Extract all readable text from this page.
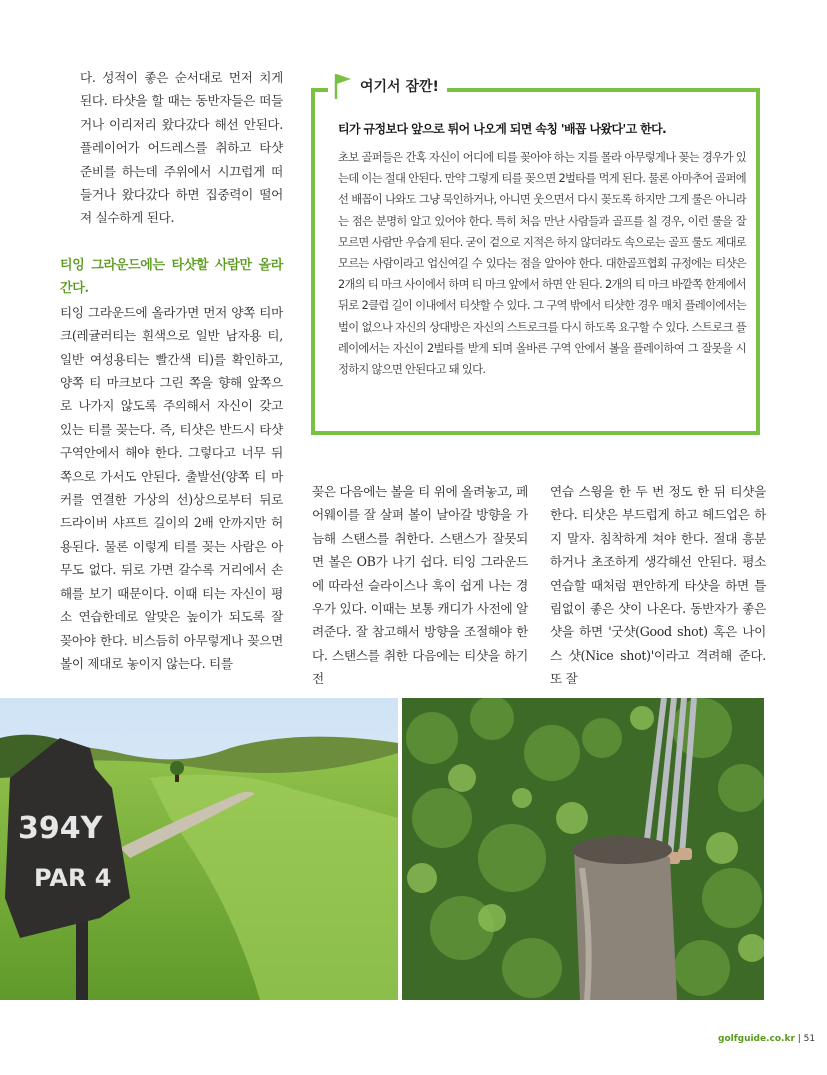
다. 성적이 좋은 순서대로 먼저 치게 된다. 타샷을 할 때는 동반자들은 떠들거나 이리저리 왔다갔다 해선 안된다. 플레이어가 어드레스를 취하고 타샷 준비를 하는데 주위에서 시끄럽게 떠들거나 왔다갔다 하면 집중력이 떨어져 실수하게 된다.

티잉 그라운드에는 타샷할 사람만 올라간다.

티잉 그라운드에 올라가면 먼저 양쪽 티마크(레귤러티는 흰색으로 일반 남자용 티, 일반 여성용티는 빨간색 티)를 확인하고, 양쪽 티 마크보다 그린 쪽을 향해 앞쪽으로 나가지 않도록 주의해서 자신이 갖고 있는 티를 꽂는다. 즉, 티샷은 반드시 타샷 구역안에서 해야 한다. 그렇다고 너무 뒤쪽으로 가서도 안된다. 출발선(양쪽 티 마커를 연결한 가상의 선)상으로부터 뒤로 드라이버 샤프트 길이의 2배 안까지만 허용된다. 물론 이렇게 티를 꽂는 사람은 아무도 없다. 뒤로 가면 갈수록 거리에서 손해를 보기 때문이다. 이때 티는 자신이 평소 연습한데로 알맞은 높이가 되도록 잘 꽂아야 한다. 비스듬히 아무렇게나 꽂으면 볼이 제대로 놓이지 않는다. 티를

여기서 잠깐!

티가 규정보다 앞으로 튀어 나오게 되면 속칭 '배꼽 나왔다'고 한다.

초보 골퍼들은 간혹 자신이 어디에 티를 꽂아야 하는 지를 몰라 아무렇게나 꽂는 경우가 있는데 이는 절대 안된다. 만약 그렇게 티를 꽂으면 2벌타를 먹게 된다. 물론 아마추어 골퍼에선 배꼽이 나와도 그냥 묵인하거나, 아니면 웃으면서 다시 꽂도록 하지만 그게 룰은 아니라는 점은 분명히 알고 있어야 한다. 특히 처음 만난 사람들과 골프를 칠 경우, 이런 룰을 잘 모르면 사람만 우습게 된다. 굳이 겉으로 지적은 하지 않더라도 속으로는 골프 룰도 제대로 모르는 사람이라고 업신여길 수 있다는 점을 알아야 한다. 대한골프협회 규정에는 티샷은 2개의 티 마크 사이에서 하며 티 마크 앞에서 하면 안 된다. 2개의 티 마크 바깥쪽 한계에서 뒤로 2클럽 길이 이내에서 티샷할 수 있다. 그 구역 밖에서 티샷한 경우 매치 플레이에서는 벌이 없으나 자신의 상대방은 자신의 스트로크를 다시 하도록 요구할 수 있다. 스트로크 플레이에서는 자신이 2벌타를 받게 되며 올바른 구역 안에서 볼을 플레이하여 그 잘못을 시정하지 않으면 안된다고 돼 있다.

꽂은 다음에는 볼을 티 위에 올려놓고, 페어웨이를 잘 살펴 볼이 날아갈 방향을 가늠해 스탠스를 취한다. 스탠스가 잘못되면 볼은 OB가 나기 쉽다. 티잉 그라운드에 따라선 슬라이스나 훅이 쉽게 나는 경우가 있다. 이때는 보통 캐디가 사전에 알려준다. 잘 참고해서 방향을 조절해야 한다. 스탠스를 취한 다음에는 티샷을 하기 전

연습 스윙을 한 두 번 정도 한 뒤 티샷을 한다. 티샷은 부드럽게 하고 헤드업은 하지 말자. 침착하게 쳐야 한다. 절대 흥분하거나 초조하게 생각해선 안된다. 평소 연습할 때처럼 편안하게 타샷을 하면 틀림없이 좋은 샷이 나온다. 동반자가 좋은 샷을 하면 '굿샷(Good shot) 혹은 나이스 샷(Nice shot)'이라고 격려해 준다. 또 잘

394Y
PAR 4
golfguide.co.kr | 51
